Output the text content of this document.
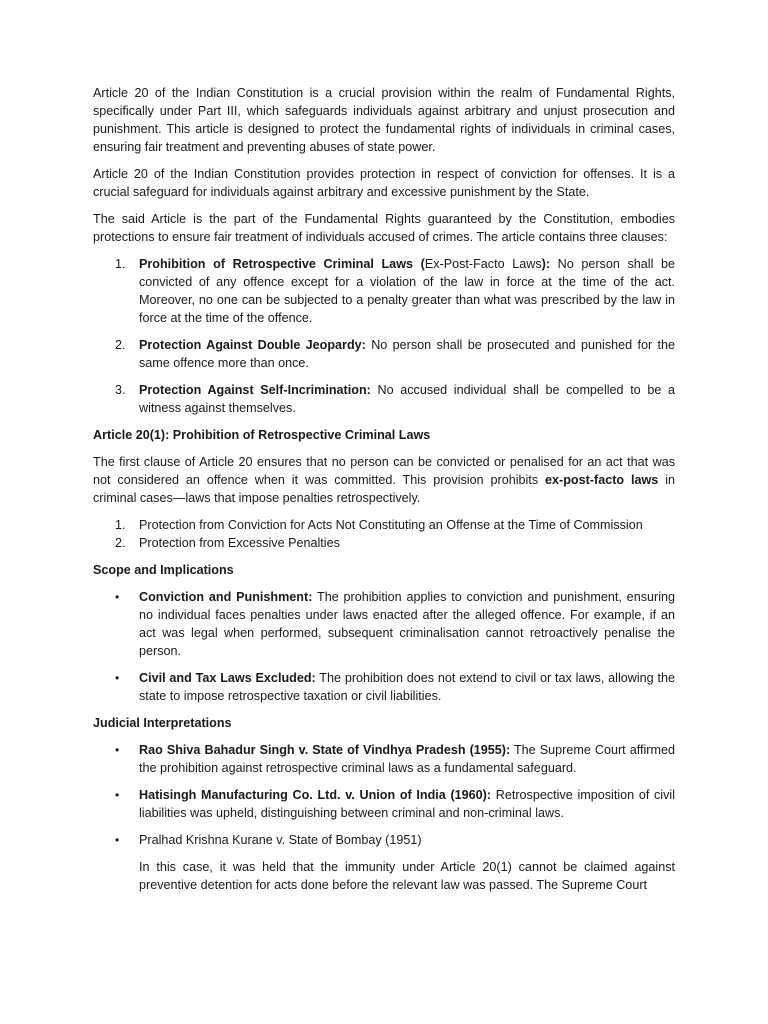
Article 20 of the Indian Constitution is a crucial provision within the realm of Fundamental Rights, specifically under Part III, which safeguards individuals against arbitrary and unjust prosecution and punishment. This article is designed to protect the fundamental rights of individuals in criminal cases, ensuring fair treatment and preventing abuses of state power.

Article 20 of the Indian Constitution provides protection in respect of conviction for offenses. It is a crucial safeguard for individuals against arbitrary and excessive punishment by the State.

The said Article is the part of the Fundamental Rights guaranteed by the Constitution, embodies protections to ensure fair treatment of individuals accused of crimes. The article contains three clauses:

1. Prohibition of Retrospective Criminal Laws (Ex-Post-Facto Laws): No person shall be convicted of any offence except for a violation of the law in force at the time of the act. Moreover, no one can be subjected to a penalty greater than what was prescribed by the law in force at the time of the offence.
2. Protection Against Double Jeopardy: No person shall be prosecuted and punished for the same offence more than once.
3. Protection Against Self-Incrimination: No accused individual shall be compelled to be a witness against themselves.
Article 20(1): Prohibition of Retrospective Criminal Laws

The first clause of Article 20 ensures that no person can be convicted or penalised for an act that was not considered an offence when it was committed. This provision prohibits ex-post-facto laws in criminal cases—laws that impose penalties retrospectively.

1. Protection from Conviction for Acts Not Constituting an Offense at the Time of Commission
2. Protection from Excessive Penalties
Scope and Implications
• Conviction and Punishment: The prohibition applies to conviction and punishment, ensuring no individual faces penalties under laws enacted after the alleged offence. For example, if an act was legal when performed, subsequent criminalisation cannot retroactively penalise the person.
• Civil and Tax Laws Excluded: The prohibition does not extend to civil or tax laws, allowing the state to impose retrospective taxation or civil liabilities.
Judicial Interpretations
• Rao Shiva Bahadur Singh v. State of Vindhya Pradesh (1955): The Supreme Court affirmed the prohibition against retrospective criminal laws as a fundamental safeguard.
• Hatisingh Manufacturing Co. Ltd. v. Union of India (1960): Retrospective imposition of civil liabilities was upheld, distinguishing between criminal and non-criminal laws.
• Pralhad Krishna Kurane v. State of Bombay (1951)

In this case, it was held that the immunity under Article 20(1) cannot be claimed against preventive detention for acts done before the relevant law was passed. The Supreme Court
